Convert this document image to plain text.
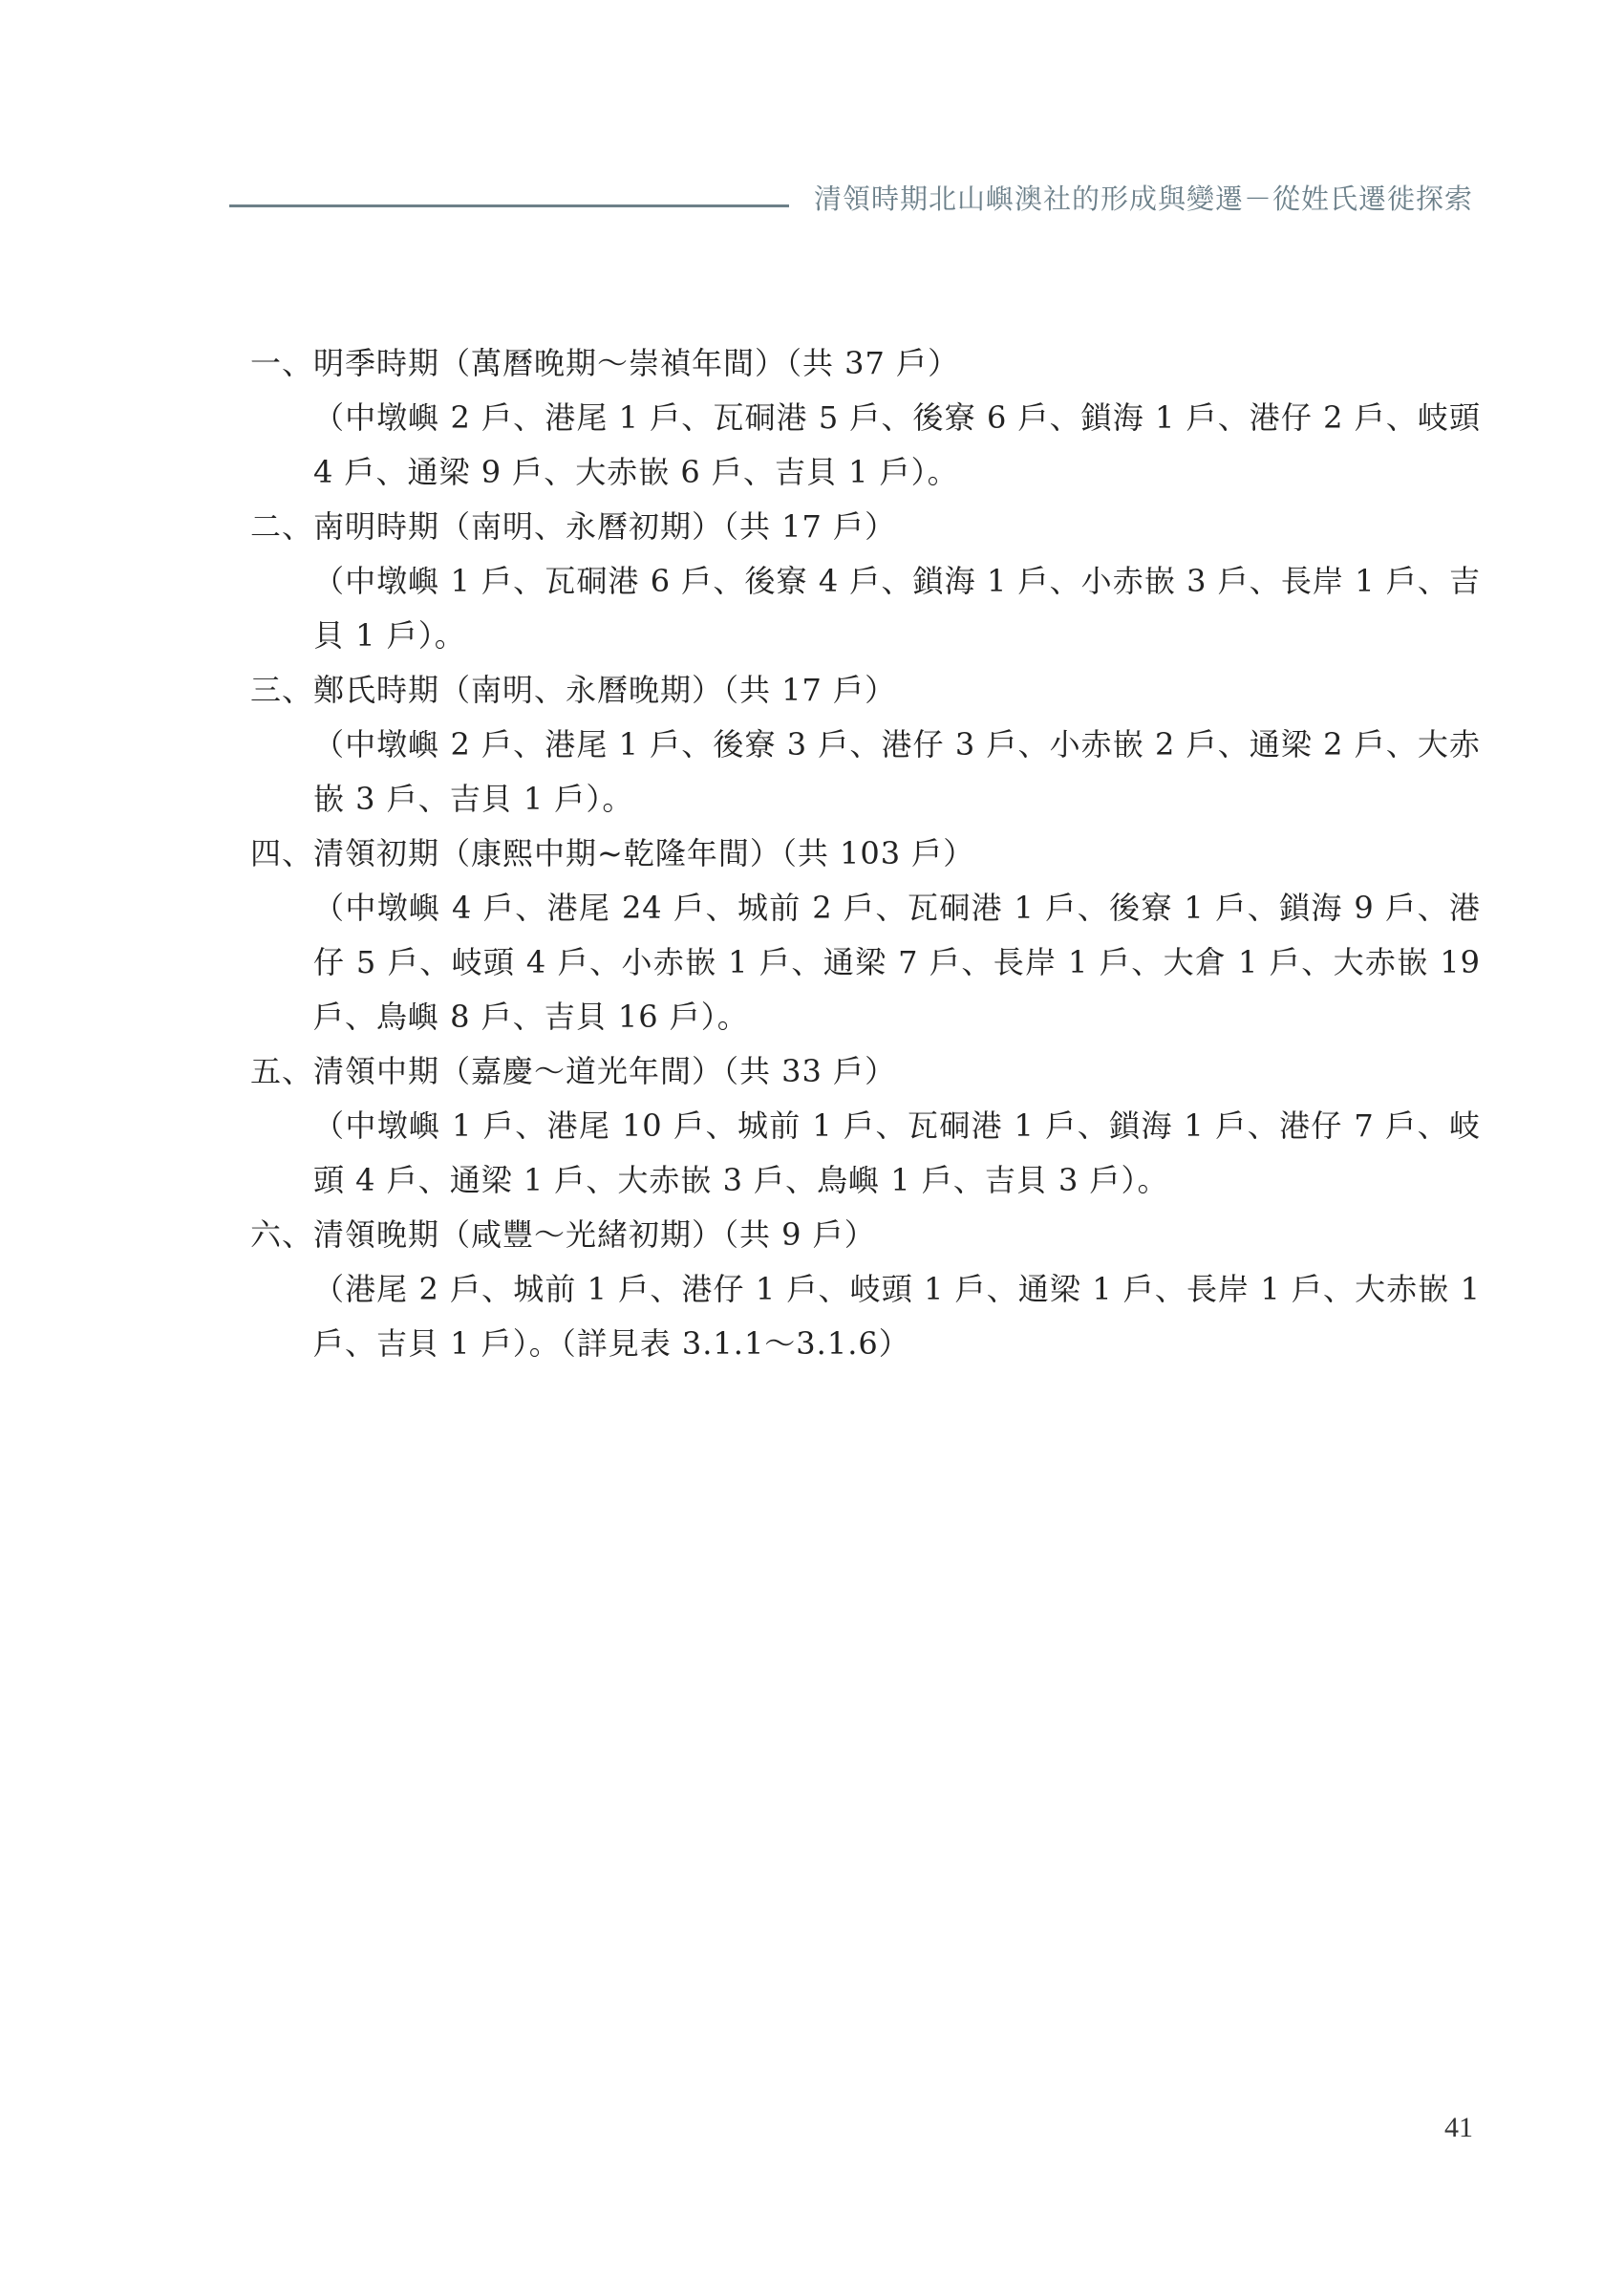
清領時期北山嶼澳社的形成與變遷－從姓氏遷徙探索
一、明季時期（萬曆晚期～崇禎年間）（共 37 戶）

（中墩嶼 2 戶、港尾 1 戶、瓦硐港 5 戶、後寮 6 戶、鎖海 1 戶、港仔 2 戶、岐頭 4 戶、通梁 9 戶、大赤嵌 6 戶、吉貝 1 戶）。

二、南明時期（南明、永曆初期）（共 17 戶）

（中墩嶼 1 戶、瓦硐港 6 戶、後寮 4 戶、鎖海 1 戶、小赤嵌 3 戶、長岸 1 戶、吉貝 1 戶）。

三、鄭氏時期（南明、永曆晚期）（共 17 戶）

（中墩嶼 2 戶、港尾 1 戶、後寮 3 戶、港仔 3 戶、小赤嵌 2 戶、通梁 2 戶、大赤嵌 3 戶、吉貝 1 戶）。

四、清領初期（康熙中期~乾隆年間）（共 103 戶）

（中墩嶼 4 戶、港尾 24 戶、城前 2 戶、瓦硐港 1 戶、後寮 1 戶、鎖海 9 戶、港仔 5 戶、岐頭 4 戶、小赤嵌 1 戶、通梁 7 戶、長岸 1 戶、大倉 1 戶、大赤嵌 19 戶、鳥嶼 8 戶、吉貝 16 戶）。

五、清領中期（嘉慶～道光年間）（共 33 戶）

（中墩嶼 1 戶、港尾 10 戶、城前 1 戶、瓦硐港 1 戶、鎖海 1 戶、港仔 7 戶、岐頭 4 戶、通梁 1 戶、大赤嵌 3 戶、鳥嶼 1 戶、吉貝 3 戶）。

六、清領晚期（咸豐～光緒初期）（共 9 戶）

（港尾 2 戶、城前 1 戶、港仔 1 戶、岐頭 1 戶、通梁 1 戶、長岸 1 戶、大赤嵌 1 戶、吉貝 1 戶）。（詳見表 3.1.1～3.1.6）

41
